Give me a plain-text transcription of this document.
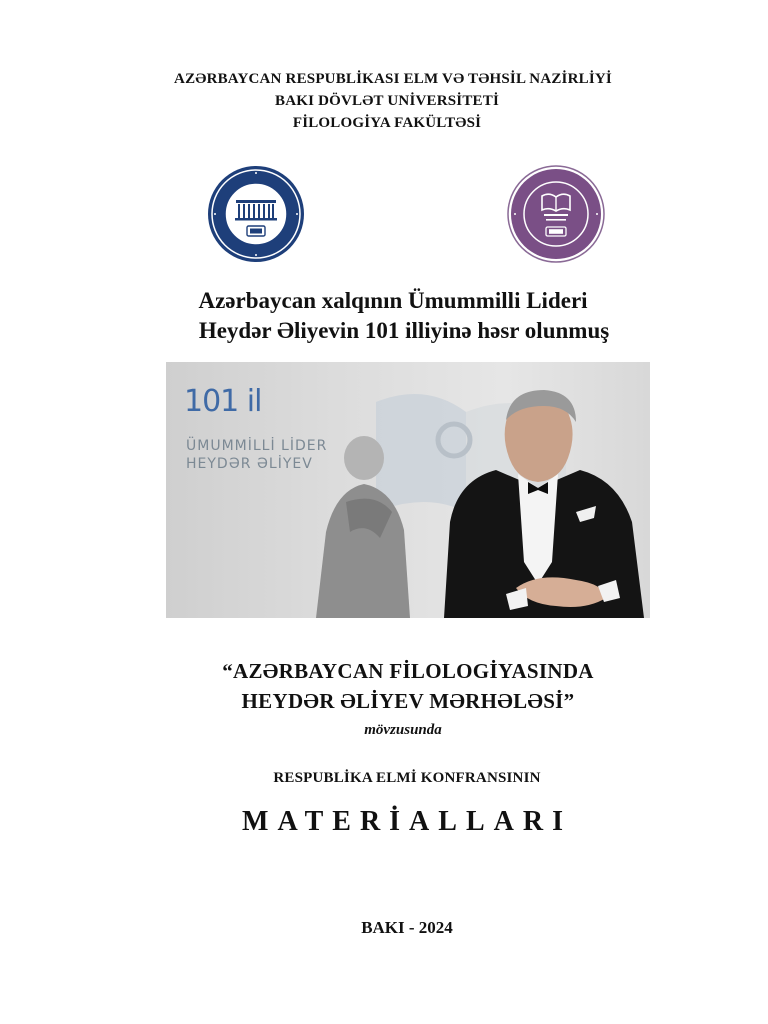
AZƏRBAYCAN RESPUBLİKASI ELM VƏ TƏHSİL NAZİRLİYİ
BAKI DÖVLƏT UNİVERSİTETİ
FİLOLOGİYA FAKÜLTƏSİ
Azərbaycan xalqının Ümummilli Lideri
Heydər Əliyevin 101 illiyinə həsr olunmuş
101 il
ÜMUMMİLLİ LİDER
HEYDƏR ƏLİYEV
“AZƏRBAYCAN FİLOLOGİYASINDA
HEYDƏR ƏLİYEV MƏRHƏLƏSİ”
mövzusunda
RESPUBLİKA ELMİ KONFRANSININ
MATERİALLARI
BAKI - 2024
